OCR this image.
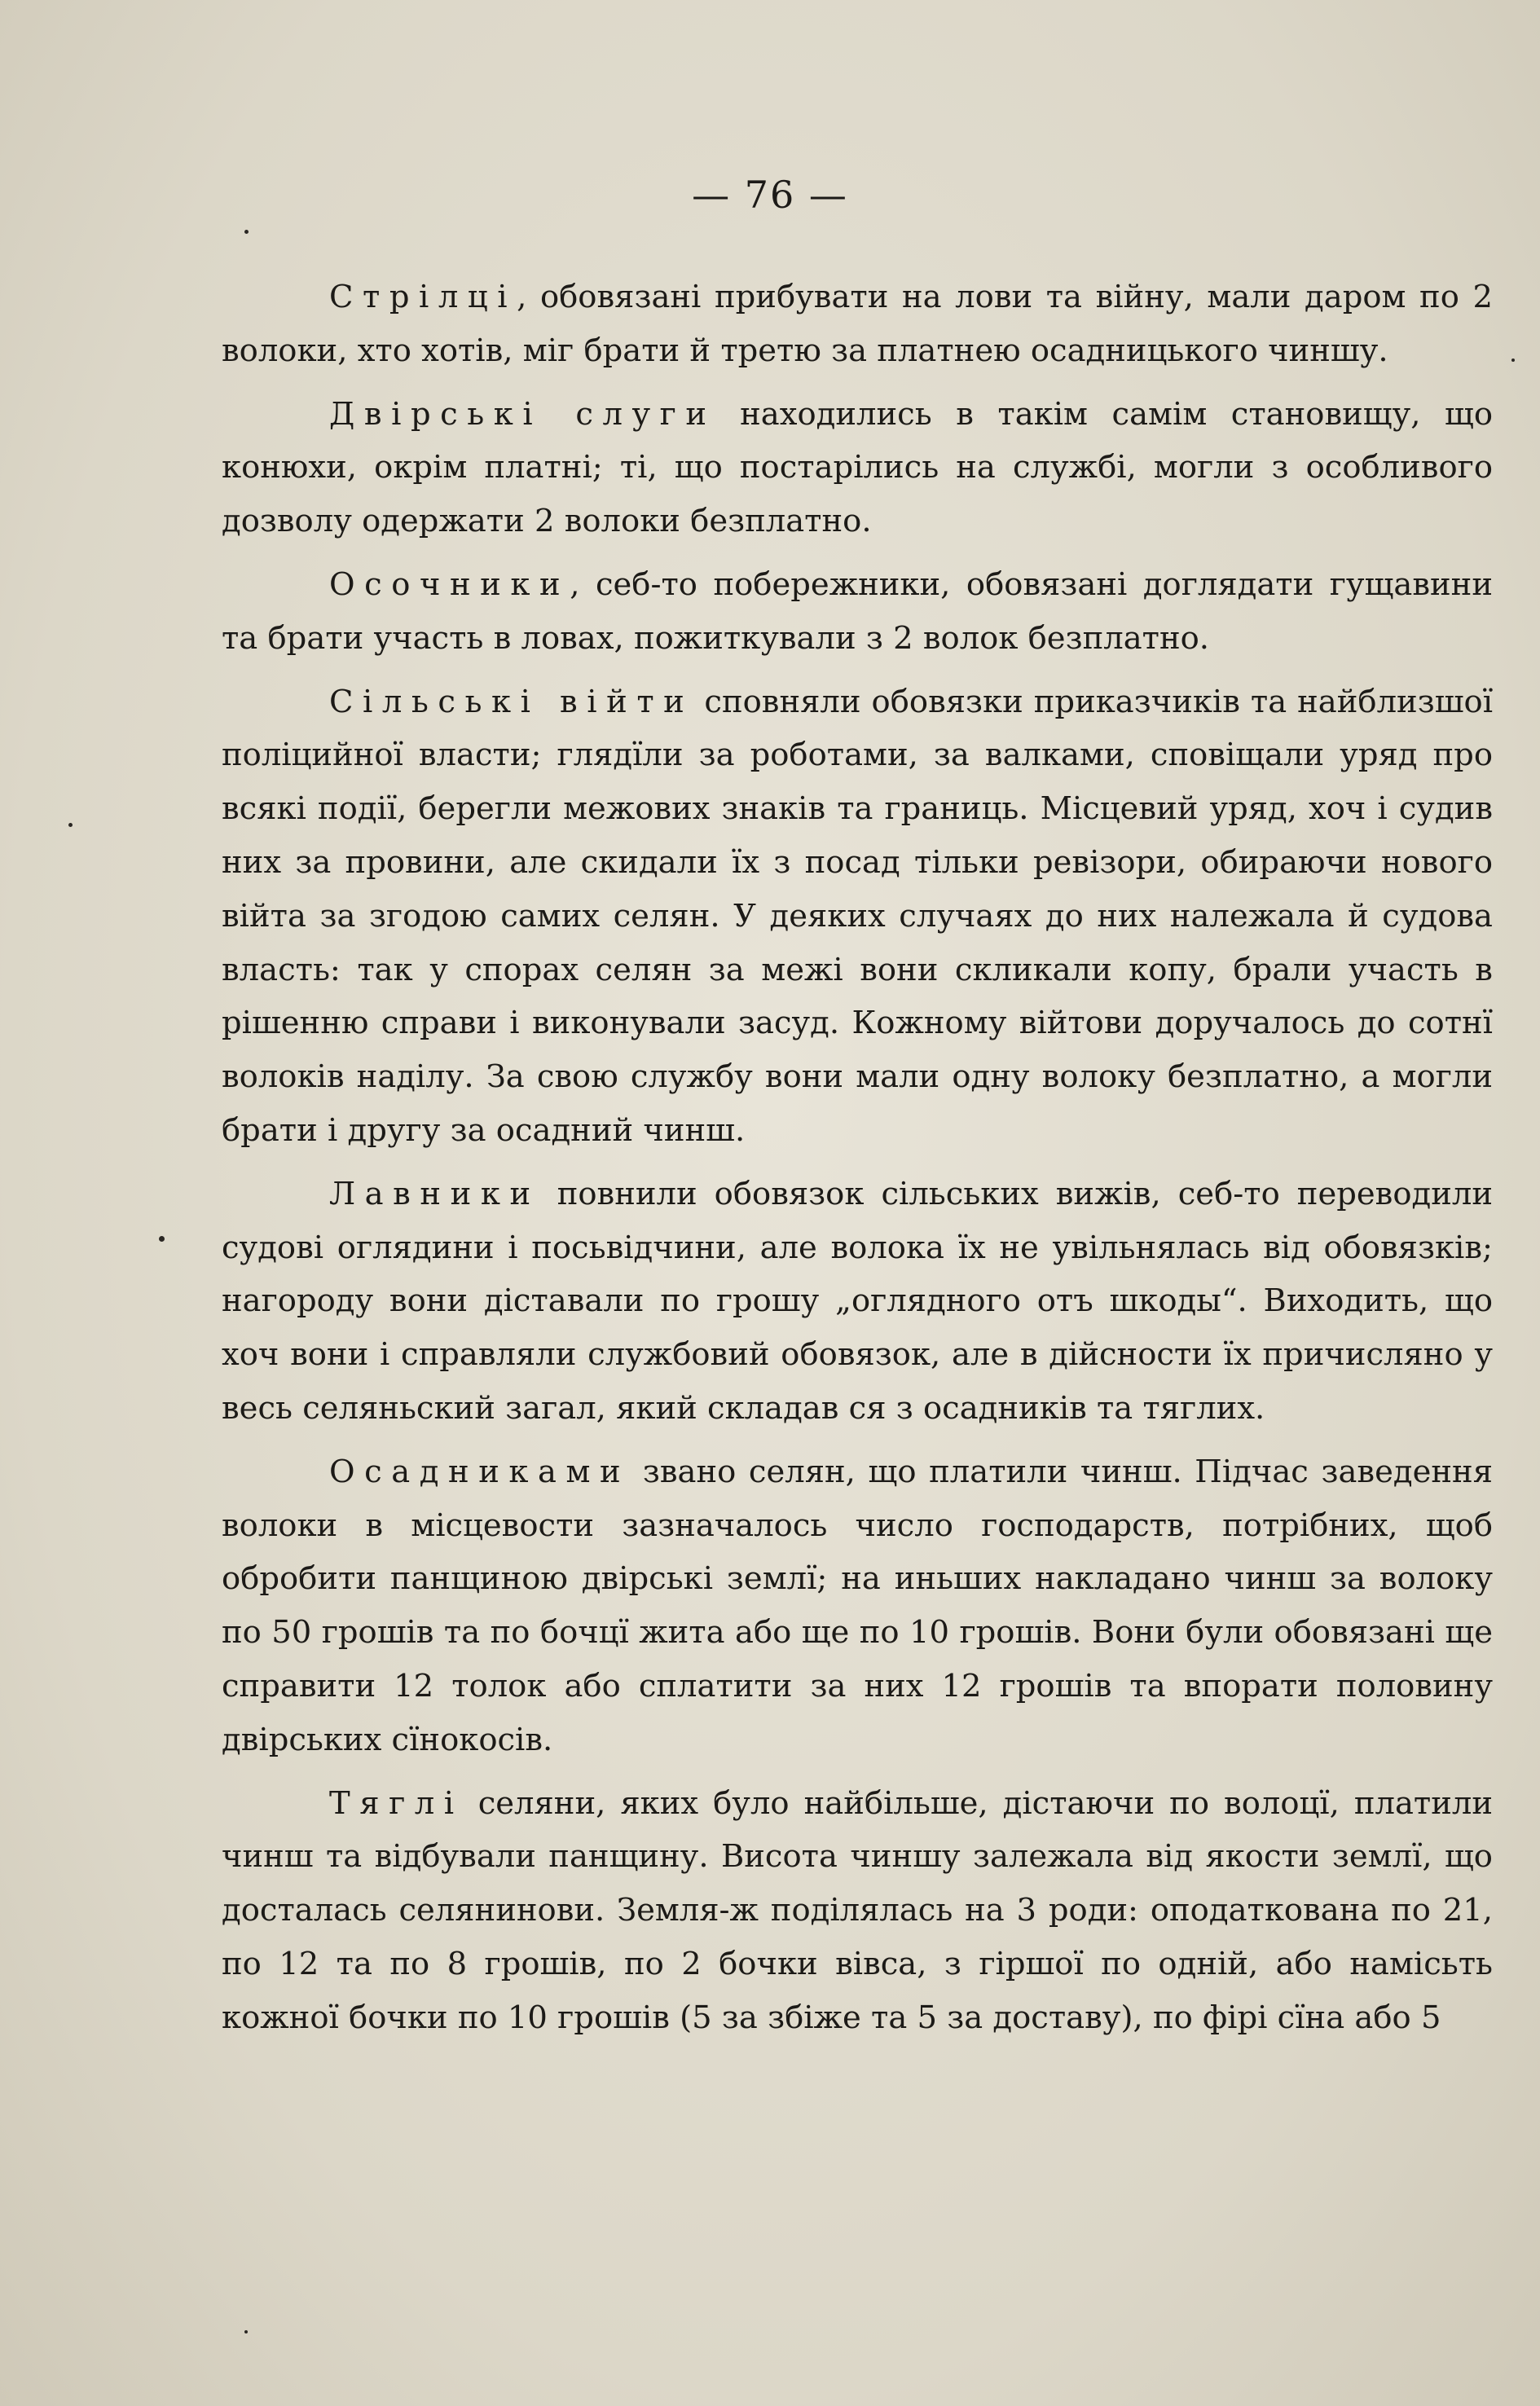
— 76 —

Стрілці, обовязані прибувати на лови та війну, мали даром по 2 волоки, хто хотів, міг брати й третю за платнею осадницького чиншу.

Двірські слуги находились в такім самім становищу, що конюхи, окрім платні; ті, що постарілись на службі, могли з особливого дозволу одержати 2 волоки безплатно.

Осочники, себ-то побережники, обовязані доглядати гущавини та брати участь в ловах, пожиткували з 2 волок безплатно.

Сільські війти сповняли обовязки приказчиків та найблизшої поліцийної власти; глядїли за роботами, за валками, сповіщали уряд про всякі події, берегли межових знаків та границь. Місцевий уряд, хоч і судив них за провини, але скидали їх з посад тільки ревізори, обираючи нового війта за згодою самих селян. У деяких случаях до них належала й судова власть: так у спорах селян за межі вони скликали копу, брали участь в рішенню справи і виконували засуд. Кожному війтови доручалось до сотнї волоків наділу. За свою службу вони мали одну волоку безплатно, а могли брати і другу за осадний чинш.

Лавники повнили обовязок сільських вижів, себ-то переводили судові оглядини і посьвідчини, але волока їх не увільнялась від обовязків; нагороду вони діставали по грошу „оглядного отъ шкоды“. Виходить, що хоч вони і справляли службовий обовязок, але в дійсности їх причисляно у весь селяньский загал, який складав ся з осадників та тяглих.

Осадниками звано селян, що платили чинш. Підчас заведення волоки в місцевости зазначалось число господарств, потрібних, щоб обробити панщиною двірські землї; на иньших накладано чинш за волоку по 50 грошів та по бочцї жита або ще по 10 грошів. Вони були обовязані ще справити 12 толок або сплатити за них 12 грошів та впорати половину двірських сїнокосів.

Тяглі селяни, яких було найбільше, дістаючи по волоцї, платили чинш та відбували панщину. Висота чиншу залежала від якости землї, що досталась селянинови. Земля-ж поділялась на 3 роди: оподаткована по 21, по 12 та по 8 грошів, по 2 бочки вівса, з гіршої по одній, або намісьть кожної бочки по 10 грошів (5 за збіже та 5 за доставу), по фірі сїна або 5
